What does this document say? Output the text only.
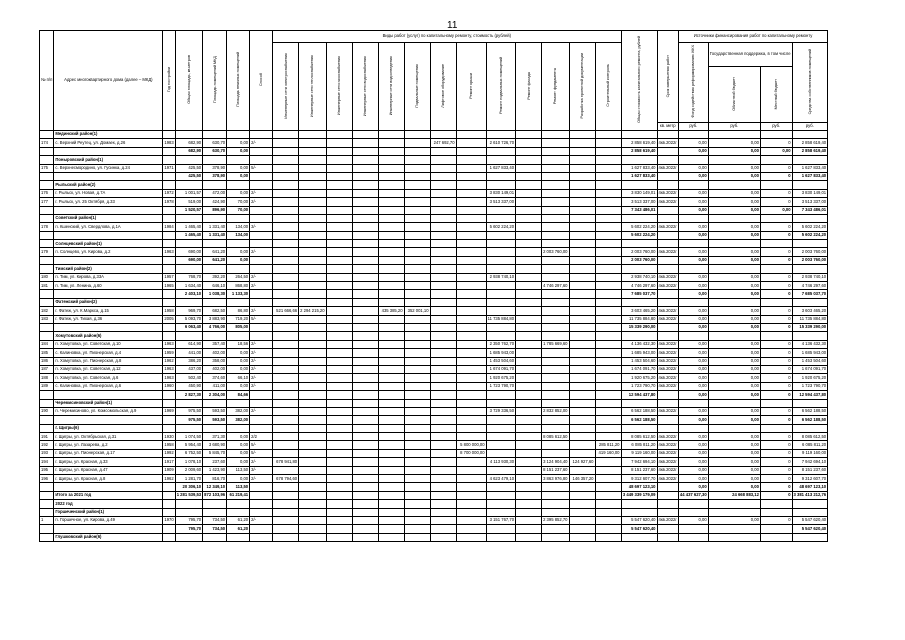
11
№ п/п	Адрес многоквартирного дома (далее – МКД)	Год постройки	Общая площадь, кв.метров	Площадь помещений МКД	Площадь нежилых помещений	Способ	Виды работ (услуг) по капитальному ремонту, стоимость (рублей)													Общая стоимость капитального ремонта, рублей	Срок завершения работ	Источники финансирования работ по капитальному ремонту			
							Инженерные сети электроснабжения	Инженерные сети теплоснабжения	Инженерные сети газоснабжения	Инженерные сети водоснабжения	Инженерные сети водоотведения	Подвальные помещения	Лифтовое оборудование	Ремонт крыши	Ремонт подвальных помещений	Ремонт фасада	Ремонт фундамента	Разработка проектной документации	Строительный контроль			Фонд содействия реформированию ЖКХ	Государственная поддержка, в том числе		Средства собственников помещений
																							Областной бюджет	Местный бюджет	
																					кв. метр	руб.	руб.	руб.	руб.
	Мединский район(1)																								
174	с. Верхний Реутец, ул. Домаек, д.26	1983	682,90	630,70	0,00	2/-							247 692,70		2 610 726,70					2 858 619,40	4кв.2022г	0,00	0,00	0	2 858 619,40
			682,90	630,70	0,00															2 858 619,40		0,00	0,00	0,00	2 858 619,40
	Поныровский район(1)																								
175	с. Верхнесмородино, ул. Гусинка, д.24	1971	425,50	378,90	0,00	5/-									1 627 833,40					1 627 833,40	4кв.2022г	0,00	0,00	0	1 627 833,40
			425,50	378,90	0,00															1 627 833,40		0,00	0,00	0	1 627 833,40
	Рыльский район(2)																								
176	г. Рыльск, ул. Новая, д.7А	1972	1 001,57	472,00	0,00	2/-									3 830 149,01					3 830 149,01	4кв.2022г	0,00	0,00	0	3 830 149,01
177	г. Рыльск, ул. 25 Октября, д.33	1978	519,00	424,90	70,00	2/-									3 513 337,00					3 513 337,00	4кв.2022г	0,00	0,00	0	3 513 337,00
			1 520,57	896,90	70,00															7 343 486,01		0,00	0,00	0,00	7 343 486,01
	Советский район(1)																								
178	п. Кшенский, ул. Свердлова, д.1А	1984	1 465,40	1 331,40	134,00	3/-									5 602 224,20					5 602 224,20	4кв.2022г	0,00	0,00	0	5 602 224,20
			1 465,40	1 331,40	134,00															5 602 224,20		0,00	0,00	0	5 602 224,20
	Солнцевский район(1)																								
179	п. Солнцево, ул. Кирова, д.2	1963	690,00	641,20	0,00	2/-											2 003 760,00			2 003 760,00	4кв.2022г	0,00	0,00	0	2 003 760,00
			690,00	641,20	0,00															2 003 760,00		0,00	0,00	0	2 003 760,00
	Тимский район(2)																								
180	п. Тим, ул. Кирова, д.33А	1957	768,70	392,20	264,50	2/-									2 938 740,10					2 938 740,10	4кв.2022г	0,00	0,00	0	2 938 740,10
181	п. Тим, ул. Ленина, д.60	1965	1 634,40	646,10	868,80	2/-											4 746 297,60			4 746 297,60	4кв.2022г	0,00	0,00	0	4 746 297,60
			2 403,10	1 038,30	1 133,30															7 685 037,70		0,00	0,00	0	7 685 037,70
	Фатежский район(2)																								
182	г. Фатеж, ул. К.Маркса, д.15	1958	969,70	682,50	86,80	2/-	521 666,66	2 294 215,20			435 385,20	352 001,10								3 603 465,20	4кв.2022г	0,00	0,00	0	3 603 465,20
183	г. Фатеж, ул. Тихая, д.36	2005	5 093,70	3 883,90	719,20	5/-									11 735 884,80					11 735 884,80	4кв.2022г	0,00	0,00	0	11 735 884,80
			6 063,40	4 766,00	805,00															15 339 290,00		0,00	0,00	0	15 339 290,00
	Хомутовский район(6)																								
184	п. Хомутовка, ул. Советская, д.10	1963	614,90	357,40	18,56	2/-									2 350 762,70		1 785 669,60			4 136 432,30	4кв.2022г	0,00	0,00	0	4 136 432,30
185	с. Калиновка, ул. Пионерская, д.4	1959	441,00	402,00	0,00	2/-									1 685 943,00					1 685 943,00	4кв.2022г	0,00	0,00	0	1 685 943,00
186	п. Хомутовка, ул. Пионерская, д.8	1962	386,20	358,00	0,00	2/-									1 453 504,60					1 453 504,60	4кв.2022г	0,00	0,00	0	1 453 504,60
187	п. Хомутовка, ул. Советская, д.12	1963	437,00	402,00	0,00	2/-									1 674 091,70					1 674 091,70	4кв.2022г	0,00	0,00	0	1 674 091,70
188	п. Хомутовка, ул. Советская, д.6	1963	502,40	374,60	66,10	2/-									1 920 675,20					1 920 675,20	4кв.2022г	0,00	0,00	0	1 920 675,20
189	с. Калиновка, ул. Пионерская, д.6	1960	450,90	411,00	0,00	2/-									1 723 790,70					1 723 790,70	4кв.2022г	0,00	0,00	0	1 723 790,70
			2 827,30	2 304,00	84,66															12 594 437,80		0,00	0,00	0	12 594 437,80
	Черемисиновский район(1)																								
190	п. Черемисиново, ул. Комсомольская, д.9	1969	975,50	593,50	382,00	2/-									3 729 336,50		2 832 852,00			6 562 188,50	4кв.2022г	0,00	0,00	0	6 562 188,50
			975,50	593,50	382,00															6 562 188,50		0,00	0,00	0	6 562 188,50
	г. Щигры(6)																								
191	г. Щигры, ул. Октябрьская, д.31	1930	1 074,50	371,30	0,00	2/2											8 085 612,50			8 085 612,50	4кв.2022г	0,00	0,00	0	8 085 612,50
192	г. Щигры, ул. Лазарева, д.2	1958	5 954,40	3 680,90	0,00	5/-								5 800 000,00					285 811,20	6 085 811,20	4кв.2022г	0,00	0,00	0	6 085 811,20
193	г. Щигры, ул. Пионерская, д.17	1992	6 752,50	5 845,70	0,00	5/-								8 700 000,00					419 160,00	9 119 160,00	4кв.2022г	0,00	0,00	0	9 119 160,00
194	г. Щигры, ул. Красная, д.33	1917	1 078,10	237,60	0,00	2/-	678 941,80								4 113 930,30		3 124 904,40	124 927,60		7 942 694,10	4кв.2022г	0,00	0,00	0	7 942 694,10
195	г. Щигры, ул. Красная, д.47	1909	2 009,60	1 423,90	113,50	3/-											8 151 237,60			8 151 237,60	4кв.2022г	0,00	0,00	0	8 151 237,60
196	г. Щигры, ул. Красная, д.8	1962	1 281,70	816,70	0,00	2/-	678 794,60								4 623 479,10		3 863 976,80	146 357,20		9 312 607,70	4кв.2022г	0,00	0,00	0	9 312 607,70
			20 306,10	12 349,10	113,50															48 697 123,10		0,00	0,00	0	48 697 123,10
	Итого за 2021 год		1 281 539,53	872 103,96	61 219,41															3 449 339 179,09		44 437 627,30	24 668 883,12	0	3 381 413 212,76
	2022 год																								
	Горшеченский район(1)																								
1	п. Горшечное, ул. Кирова, д.49	1970	795,70	734,50	61,20	2/-									3 151 767,70		2 395 852,70			5 547 620,40	4кв.2022г	0,00	0,00	0	5 547 620,40
			795,70	734,50	61,20															5 547 620,40					5 547 620,40
	Глушковский район(6)																								
